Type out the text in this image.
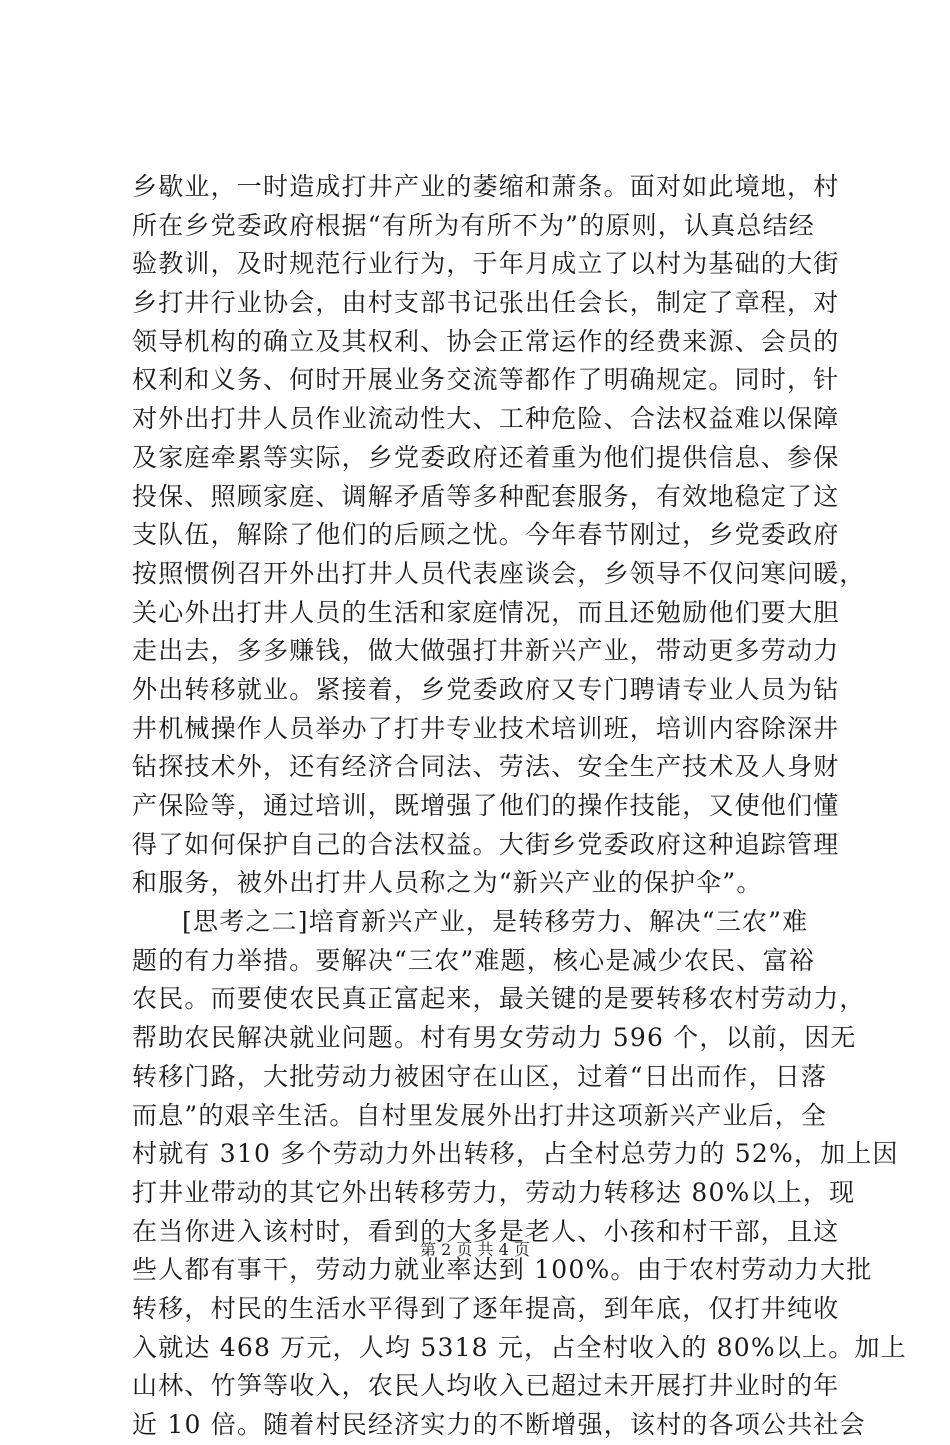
乡歇业，一时造成打井产业的萎缩和萧条。面对如此境地，村
所在乡党委政府根据“有所为有所不为”的原则，认真总结经
验教训，及时规范行业行为，于年月成立了以村为基础的大街
乡打井行业协会，由村支部书记张出任会长，制定了章程，对
领导机构的确立及其权利、协会正常运作的经费来源、会员的
权利和义务、何时开展业务交流等都作了明确规定。同时，针
对外出打井人员作业流动性大、工种危险、合法权益难以保障
及家庭牵累等实际，乡党委政府还着重为他们提供信息、参保
投保、照顾家庭、调解矛盾等多种配套服务，有效地稳定了这
支队伍，解除了他们的后顾之忧。今年春节刚过，乡党委政府
按照惯例召开外出打井人员代表座谈会，乡领导不仅问寒问暖，
关心外出打井人员的生活和家庭情况，而且还勉励他们要大胆
走出去，多多赚钱，做大做强打井新兴产业，带动更多劳动力
外出转移就业。紧接着，乡党委政府又专门聘请专业人员为钻
井机械操作人员举办了打井专业技术培训班，培训内容除深井
钻探技术外，还有经济合同法、劳法、安全生产技术及人身财
产保险等，通过培训，既增强了他们的操作技能，又使他们懂
得了如何保护自己的合法权益。大街乡党委政府这种追踪管理
和服务，被外出打井人员称之为“新兴产业的保护伞”。
[思考之二]培育新兴产业，是转移劳力、解决“三农”难
题的有力举措。要解决“三农”难题，核心是减少农民、富裕
农民。而要使农民真正富起来，最关键的是要转移农村劳动力，
帮助农民解决就业问题。村有男女劳动力 596 个，以前，因无
转移门路，大批劳动力被困守在山区，过着“日出而作，日落
而息”的艰辛生活。自村里发展外出打井这项新兴产业后，全
村就有 310 多个劳动力外出转移，占全村总劳力的 52%，加上因
打井业带动的其它外出转移劳力，劳动力转移达 80%以上，现
在当你进入该村时，看到的大多是老人、小孩和村干部，且这
些人都有事干，劳动力就业率达到 100%。由于农村劳动力大批
转移，村民的生活水平得到了逐年提高，到年底，仅打井纯收
入就达 468 万元，人均 5318 元，占全村收入的 80%以上。加上
山林、竹笋等收入，农民人均收入已超过未开展打井业时的年
近 10 倍。随着村民经济实力的不断增强，该村的各项公共社会
第 2 页 共 4 页
